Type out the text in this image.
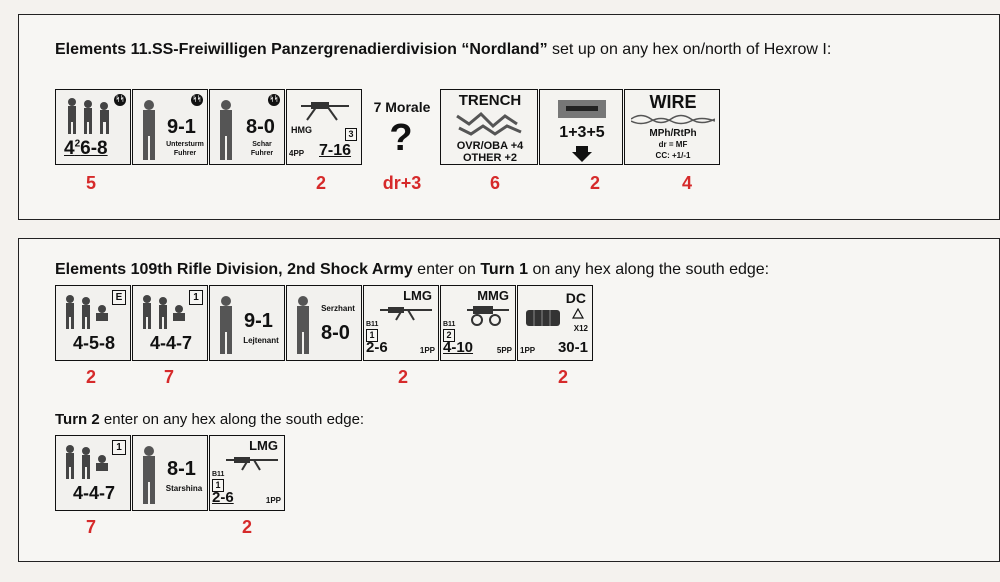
Elements 11.SS-Freiwilligen Panzergrenadierdivision “Nordland” set up on any hex on/north of Hexrow I:
ᛋᛋ
$4^26-8$
ᛋᛋ
9-1
Untersturm
Fuhrer
ᛋᛋ
8-0
Schar
Fuhrer
HMG	3
4PP 7-16
7 Morale
?
TRENCH
OVR/OBA +4
OTHER +2
1+3+5
WIRE
MPh/RtPh
dr = MF
CC: +1/-1
5	2	dr+3	6	2	4
Elements 109th Rifle Division, 2nd Shock Army enter on Turn 1 on any hex along the south edge:
E
4-5-8
1
4-4-7
9-1
Lejtenant
Serzhant
8-0
LMG
B11
1
2-6	1PP
MMG
B11
2
4-10	5PP
DC
X12
1PP 30-1
2	7	2	2
Turn 2 enter on any hex along the south edge:
1
4-4-7
8-1
Starshina
LMG
B11
1
2-6	1PP
7	2
